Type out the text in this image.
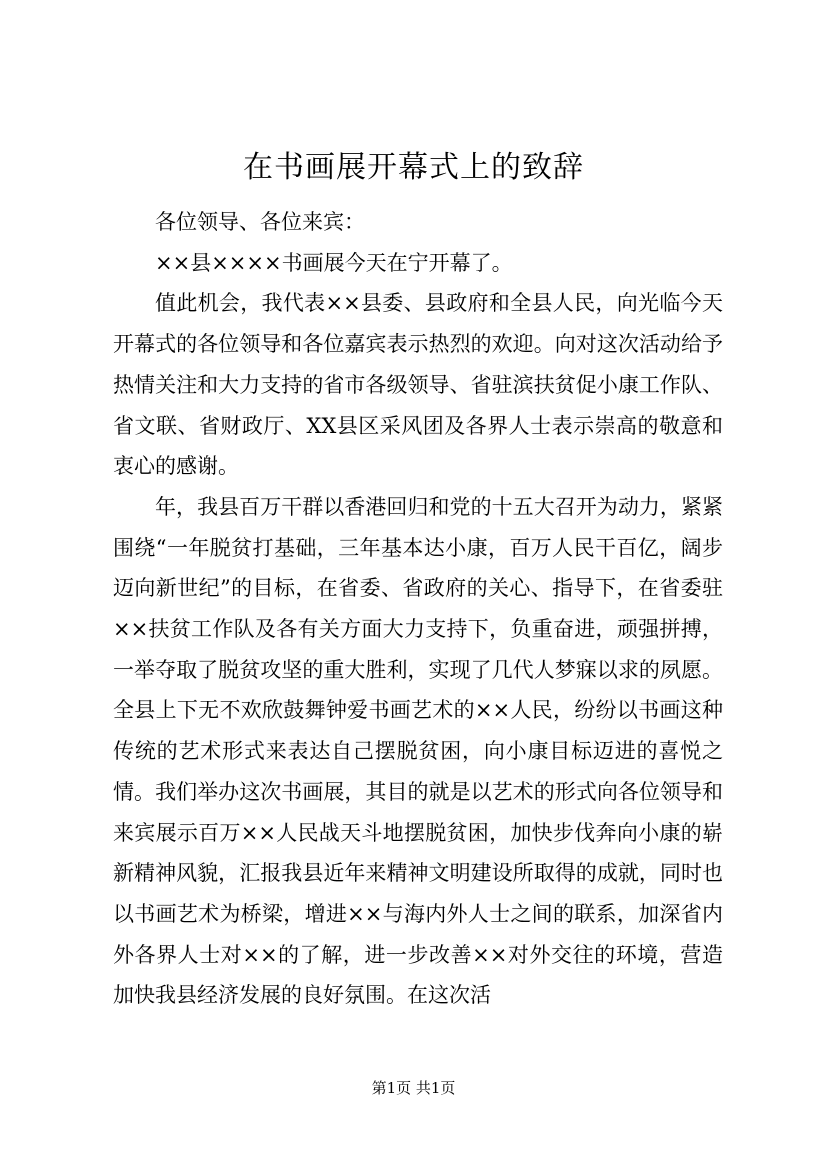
在书画展开幕式上的致辞

各位领导、各位来宾：

××县××××书画展今天在宁开幕了。

值此机会，我代表××县委、县政府和全县人民，向光临今天开幕式的各位领导和各位嘉宾表示热烈的欢迎。向对这次活动给予热情关注和大力支持的省市各级领导、省驻滨扶贫促小康工作队、省文联、省财政厅、XX县区采风团及各界人士表示崇高的敬意和衷心的感谢。

年，我县百万干群以香港回归和党的十五大召开为动力，紧紧围绕“一年脱贫打基础，三年基本达小康，百万人民干百亿，阔步迈向新世纪”的目标，在省委、省政府的关心、指导下，在省委驻××扶贫工作队及各有关方面大力支持下，负重奋进，顽强拼搏，一举夺取了脱贫攻坚的重大胜利，实现了几代人梦寐以求的夙愿。全县上下无不欢欣鼓舞钟爱书画艺术的××人民，纷纷以书画这种传统的艺术形式来表达自己摆脱贫困，向小康目标迈进的喜悦之情。我们举办这次书画展，其目的就是以艺术的形式向各位领导和来宾展示百万××人民战天斗地摆脱贫困，加快步伐奔向小康的崭新精神风貌，汇报我县近年来精神文明建设所取得的成就，同时也以书画艺术为桥梁，增进××与海内外人士之间的联系，加深省内外各界人士对××的了解，进一步改善××对外交往的环境，营造加快我县经济发展的良好氛围。在这次活

第1页 共1页
